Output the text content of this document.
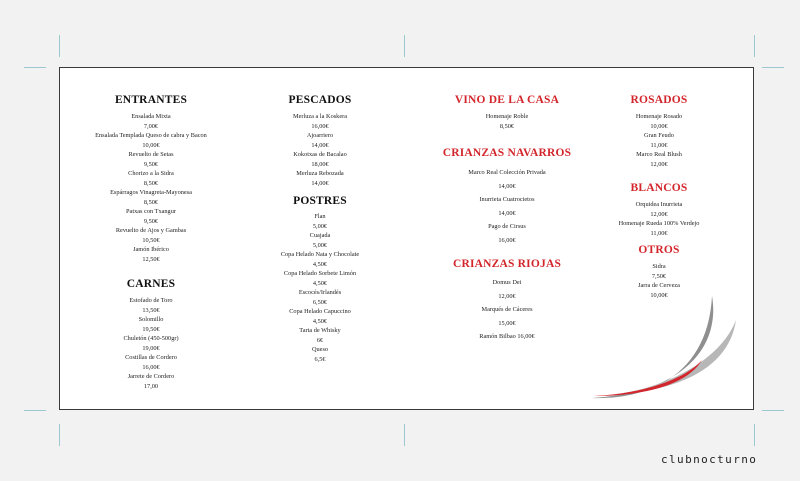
ENTRANTES
Ensalada Mixta
7,00€
Ensalada Templada Queso de cabra y Bacon
10,00€
Revuelto de Setas
9,50€
Chorizo a la Sidra
8,50€
Espárragos Vinagreta-Mayonesa
8,50€
Patxas con Txangur
9,50€
Revuelto de Ajos y Gambas
10,50€
Jamón Ibérico
12,50€
CARNES
Estofado de Toro
13,50€
Solomillo
19,50€
Chuletón (450-500gr)
19,00€
Costillas de Cordero
16,00€
Jarrete de Cordero
17,00
PESCADOS
Merluza a la Koskera
16,00€
Ajoarriero
14,00€
Kokotxas de Bacalao
18,00€
Merluza Rebozada
14,00€
POSTRES
Flan
5,00€
Cuajada
5,00€
Copa Helado Nata y Chocolate
4,50€
Copa Helado Sorbete Limón
4,50€
Escocés/Irlandés
6,50€
Copa Helado Capuccino
4,50€
Tarta de Whisky
6€
Queso
6,5€
VINO DE LA CASA
Homenaje Roble
8,50€
CRIANZAS NAVARROS
Marco Real Colección Privada
14,00€
Inurrieta Cuatrocietos
14,00€
Pago de Cirsus
16,00€
CRIANZAS RIOJAS
Domus Dei
12,00€
Marqués de Cáceres
15,00€
Ramón Bilbao 16,00€
ROSADOS
Homenaje Rosado
10,00€
Gran Feudo
11,00€
Marco Real Blush
12,00€
BLANCOS
Orquidea Inurrieta
12,00€
Homenaje Rueda 100% Verdejo
11,00€
OTROS
Sidra
7,50€
Jarra de Cerveza
10,00€
clubnocturno
